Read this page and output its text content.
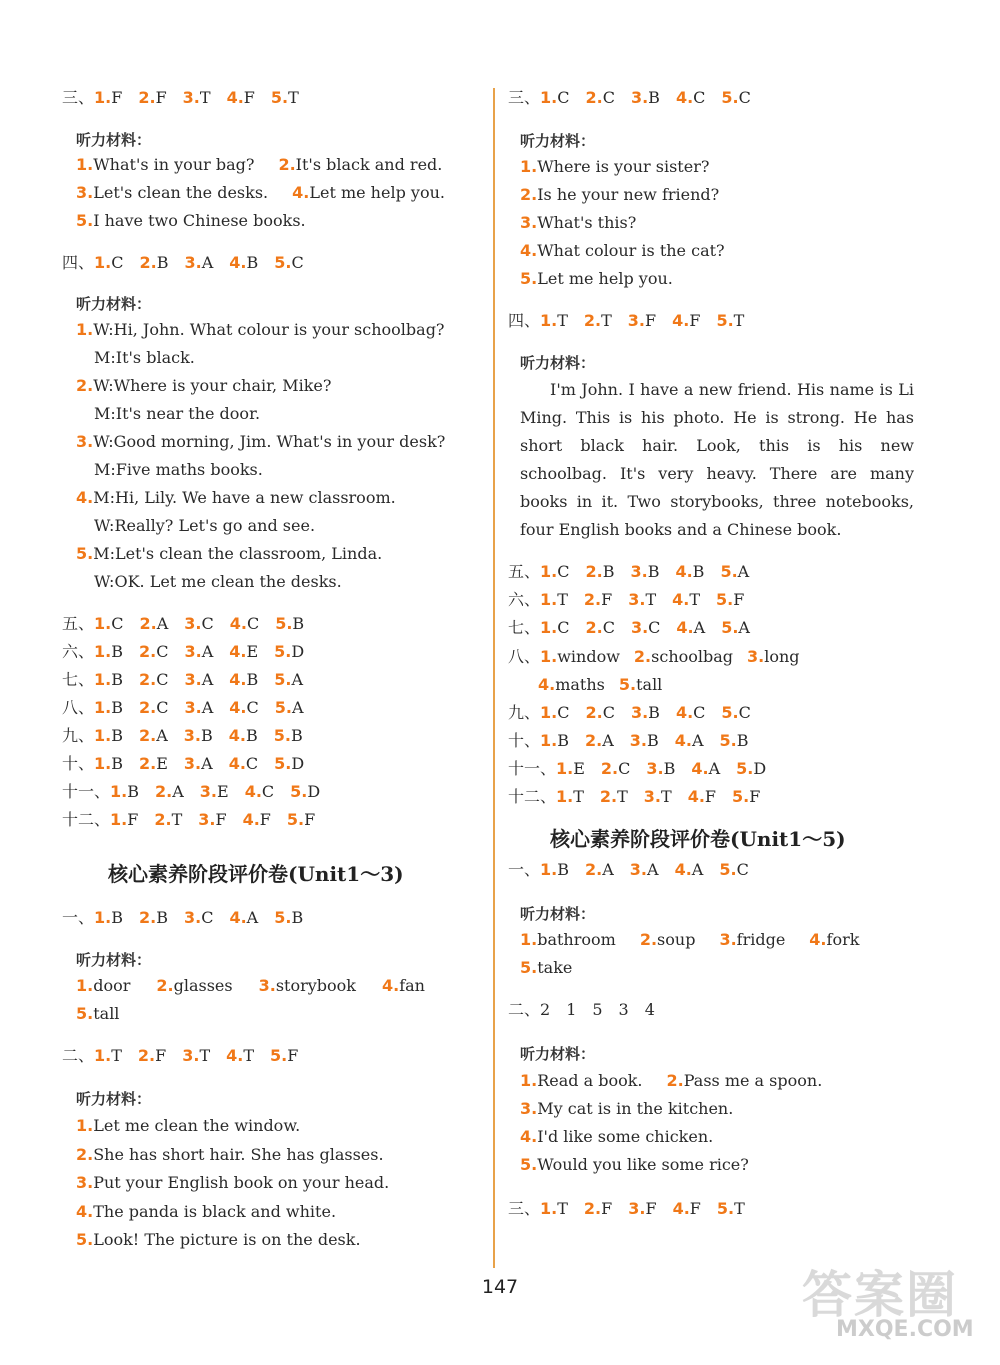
三、1.F 2.F 3.T 4.F 5.T
听力材料：
1.What's in your bag? 2.It's black and red.
3.Let's clean the desks. 4.Let me help you.
5.I have two Chinese books.
四、1.C 2.B 3.A 4.B 5.C
听力材料：
1.W:Hi, John. What colour is your schoolbag?
M:It's black.
2.W:Where is your chair, Mike?
M:It's near the door.
3.W:Good morning, Jim. What's in your desk?
M:Five maths books.
4.M:Hi, Lily. We have a new classroom.
W:Really? Let's go and see.
5.M:Let's clean the classroom, Linda.
W:OK. Let me clean the desks.
五、1.C 2.A 3.C 4.C 5.B
六、1.B 2.C 3.A 4.E 5.D
七、1.B 2.C 3.A 4.B 5.A
八、1.B 2.C 3.A 4.C 5.A
九、1.B 2.A 3.B 4.B 5.B
十、1.B 2.E 3.A 4.C 5.D
十一、1.B 2.A 3.E 4.C 5.D
十二、1.F 2.T 3.F 4.F 5.F
核心素养阶段评价卷(Unit1～3)
一、1.B 2.B 3.C 4.A 5.B
听力材料：
1.door 2.glasses 3.storybook 4.fan
5.tall
二、1.T 2.F 3.T 4.T 5.F
听力材料：
1.Let me clean the window.
2.She has short hair. She has glasses.
3.Put your English book on your head.
4.The panda is black and white.
5.Look! The picture is on the desk.
三、1.C 2.C 3.B 4.C 5.C
听力材料：
1.Where is your sister?
2.Is he your new friend?
3.What's this?
4.What colour is the cat?
5.Let me help you.
四、1.T 2.T 3.F 4.F 5.T
听力材料：
I'm John. I have a new friend. His name is Li Ming. This is his photo. He is strong. He has short black hair. Look, this is his new schoolbag. It's very heavy. There are many books in it. Two storybooks, three notebooks, four English books and a Chinese book.
五、1.C 2.B 3.B 4.B 5.A
六、1.T 2.F 3.T 4.T 5.F
七、1.C 2.C 3.C 4.A 5.A
八、1.window 2.schoolbag 3.long
4.maths 5.tall
九、1.C 2.C 3.B 4.C 5.C
十、1.B 2.A 3.B 4.A 5.B
十一、1.E 2.C 3.B 4.A 5.D
十二、1.T 2.T 3.T 4.F 5.F
核心素养阶段评价卷(Unit1～5)
一、1.B 2.A 3.A 4.A 5.C
听力材料：
1.bathroom 2.soup 3.fridge 4.fork
5.take
二、2　1　5　3　4
听力材料：
1.Read a book. 2.Pass me a spoon.
3.My cat is in the kitchen.
4.I'd like some chicken.
5.Would you like some rice?
三、1.T 2.F 3.F 4.F 5.T
147	答案圈
MXQE.COM
